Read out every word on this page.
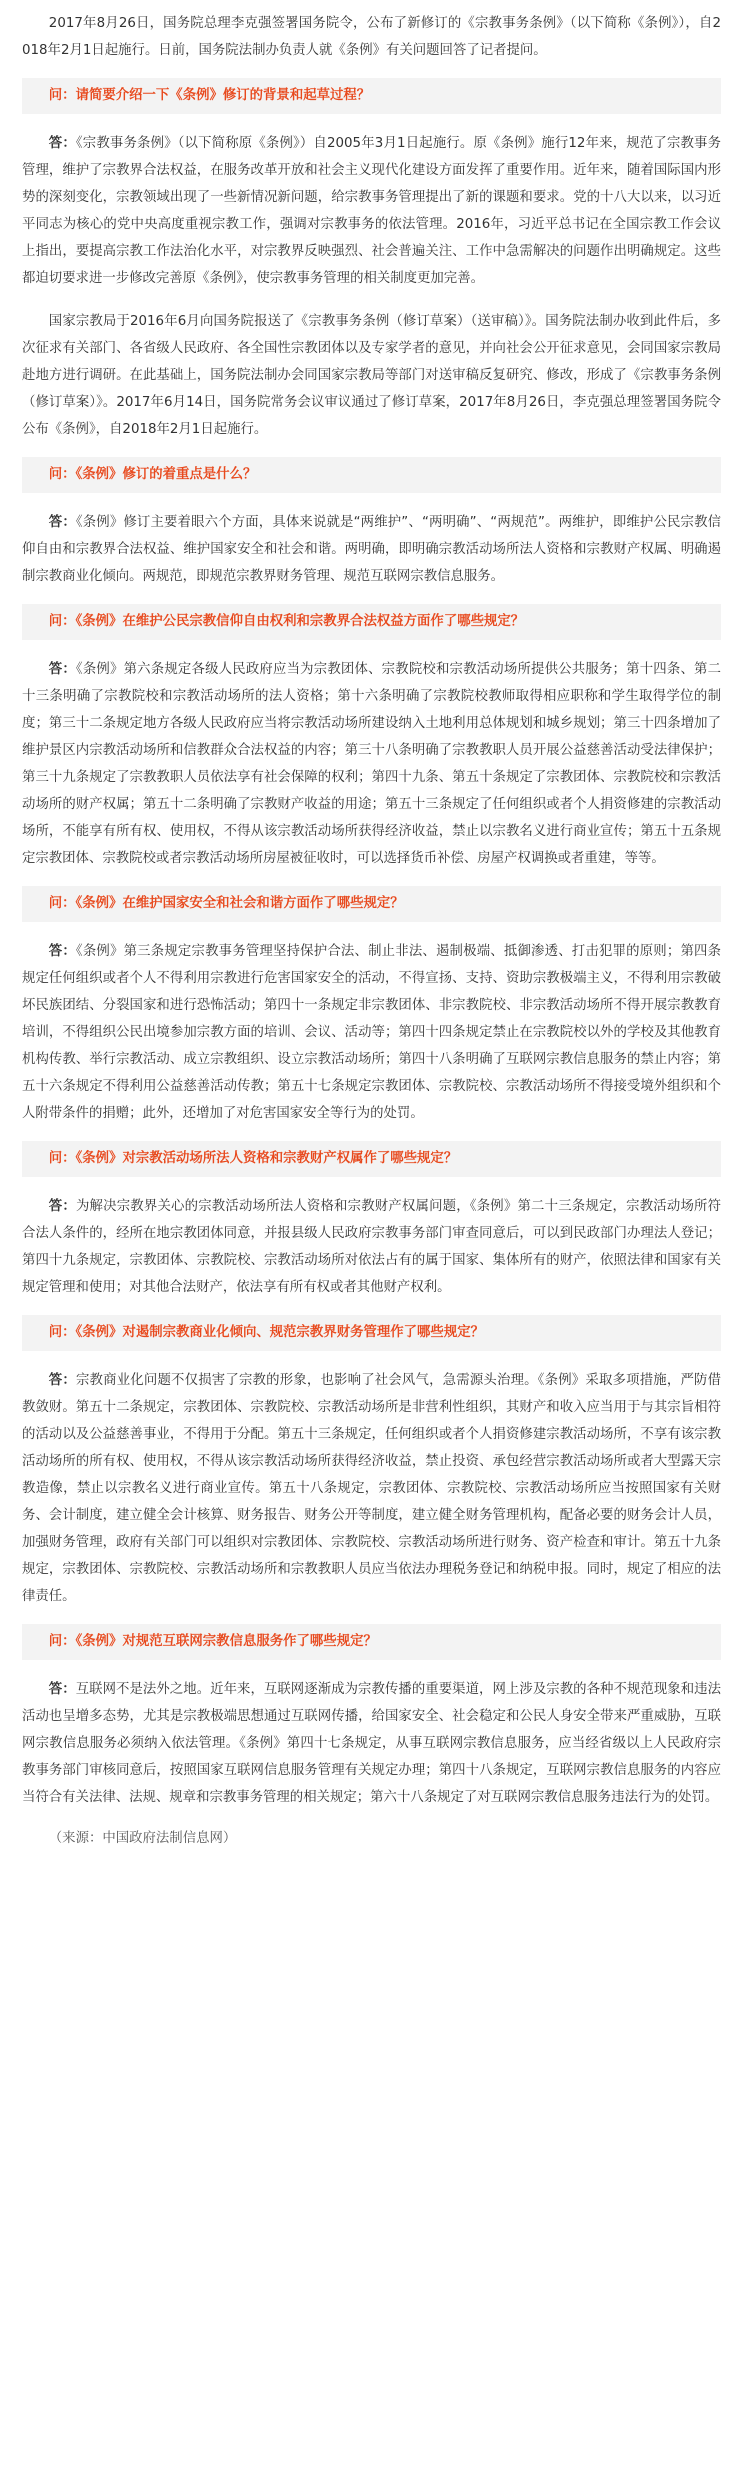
2017年8月26日，国务院总理李克强签署国务院令，公布了新修订的《宗教事务条例》（以下简称《条例》），自2018年2月1日起施行。日前，国务院法制办负责人就《条例》有关问题回答了记者提问。

问：请简要介绍一下《条例》修订的背景和起草过程？

答：《宗教事务条例》（以下简称原《条例》）自2005年3月1日起施行。原《条例》施行12年来，规范了宗教事务管理，维护了宗教界合法权益，在服务改革开放和社会主义现代化建设方面发挥了重要作用。近年来，随着国际国内形势的深刻变化，宗教领域出现了一些新情况新问题，给宗教事务管理提出了新的课题和要求。党的十八大以来，以习近平同志为核心的党中央高度重视宗教工作，强调对宗教事务的依法管理。2016年，习近平总书记在全国宗教工作会议上指出，要提高宗教工作法治化水平，对宗教界反映强烈、社会普遍关注、工作中急需解决的问题作出明确规定。这些都迫切要求进一步修改完善原《条例》，使宗教事务管理的相关制度更加完善。

国家宗教局于2016年6月向国务院报送了《宗教事务条例（修订草案）（送审稿）》。国务院法制办收到此件后，多次征求有关部门、各省级人民政府、各全国性宗教团体以及专家学者的意见，并向社会公开征求意见，会同国家宗教局赴地方进行调研。在此基础上，国务院法制办会同国家宗教局等部门对送审稿反复研究、修改，形成了《宗教事务条例（修订草案）》。2017年6月14日，国务院常务会议审议通过了修订草案，2017年8月26日，李克强总理签署国务院令公布《条例》，自2018年2月1日起施行。

问：《条例》修订的着重点是什么？

答：《条例》修订主要着眼六个方面，具体来说就是“两维护”、“两明确”、“两规范”。两维护，即维护公民宗教信仰自由和宗教界合法权益、维护国家安全和社会和谐。两明确，即明确宗教活动场所法人资格和宗教财产权属、明确遏制宗教商业化倾向。两规范，即规范宗教界财务管理、规范互联网宗教信息服务。

问：《条例》在维护公民宗教信仰自由权利和宗教界合法权益方面作了哪些规定？

答：《条例》第六条规定各级人民政府应当为宗教团体、宗教院校和宗教活动场所提供公共服务；第十四条、第二十三条明确了宗教院校和宗教活动场所的法人资格；第十六条明确了宗教院校教师取得相应职称和学生取得学位的制度；第三十二条规定地方各级人民政府应当将宗教活动场所建设纳入土地利用总体规划和城乡规划；第三十四条增加了维护景区内宗教活动场所和信教群众合法权益的内容；第三十八条明确了宗教教职人员开展公益慈善活动受法律保护；第三十九条规定了宗教教职人员依法享有社会保障的权利；第四十九条、第五十条规定了宗教团体、宗教院校和宗教活动场所的财产权属；第五十二条明确了宗教财产收益的用途；第五十三条规定了任何组织或者个人捐资修建的宗教活动场所，不能享有所有权、使用权，不得从该宗教活动场所获得经济收益，禁止以宗教名义进行商业宣传；第五十五条规定宗教团体、宗教院校或者宗教活动场所房屋被征收时，可以选择货币补偿、房屋产权调换或者重建，等等。

问：《条例》在维护国家安全和社会和谐方面作了哪些规定？

答：《条例》第三条规定宗教事务管理坚持保护合法、制止非法、遏制极端、抵御渗透、打击犯罪的原则；第四条规定任何组织或者个人不得利用宗教进行危害国家安全的活动，不得宣扬、支持、资助宗教极端主义，不得利用宗教破坏民族团结、分裂国家和进行恐怖活动；第四十一条规定非宗教团体、非宗教院校、非宗教活动场所不得开展宗教教育培训，不得组织公民出境参加宗教方面的培训、会议、活动等；第四十四条规定禁止在宗教院校以外的学校及其他教育机构传教、举行宗教活动、成立宗教组织、设立宗教活动场所；第四十八条明确了互联网宗教信息服务的禁止内容；第五十六条规定不得利用公益慈善活动传教；第五十七条规定宗教团体、宗教院校、宗教活动场所不得接受境外组织和个人附带条件的捐赠；此外，还增加了对危害国家安全等行为的处罚。

问：《条例》对宗教活动场所法人资格和宗教财产权属作了哪些规定？

答：为解决宗教界关心的宗教活动场所法人资格和宗教财产权属问题，《条例》第二十三条规定，宗教活动场所符合法人条件的，经所在地宗教团体同意，并报县级人民政府宗教事务部门审查同意后，可以到民政部门办理法人登记；第四十九条规定，宗教团体、宗教院校、宗教活动场所对依法占有的属于国家、集体所有的财产，依照法律和国家有关规定管理和使用；对其他合法财产，依法享有所有权或者其他财产权利。

问：《条例》对遏制宗教商业化倾向、规范宗教界财务管理作了哪些规定？

答：宗教商业化问题不仅损害了宗教的形象，也影响了社会风气，急需源头治理。《条例》采取多项措施，严防借教敛财。第五十二条规定，宗教团体、宗教院校、宗教活动场所是非营利性组织，其财产和收入应当用于与其宗旨相符的活动以及公益慈善事业，不得用于分配。第五十三条规定，任何组织或者个人捐资修建宗教活动场所，不享有该宗教活动场所的所有权、使用权，不得从该宗教活动场所获得经济收益，禁止投资、承包经营宗教活动场所或者大型露天宗教造像，禁止以宗教名义进行商业宣传。第五十八条规定，宗教团体、宗教院校、宗教活动场所应当按照国家有关财务、会计制度，建立健全会计核算、财务报告、财务公开等制度，建立健全财务管理机构，配备必要的财务会计人员，加强财务管理，政府有关部门可以组织对宗教团体、宗教院校、宗教活动场所进行财务、资产检查和审计。第五十九条规定，宗教团体、宗教院校、宗教活动场所和宗教教职人员应当依法办理税务登记和纳税申报。同时，规定了相应的法律责任。

问：《条例》对规范互联网宗教信息服务作了哪些规定？

答：互联网不是法外之地。近年来，互联网逐渐成为宗教传播的重要渠道，网上涉及宗教的各种不规范现象和违法活动也呈增多态势，尤其是宗教极端思想通过互联网传播，给国家安全、社会稳定和公民人身安全带来严重威胁，互联网宗教信息服务必须纳入依法管理。《条例》第四十七条规定，从事互联网宗教信息服务，应当经省级以上人民政府宗教事务部门审核同意后，按照国家互联网信息服务管理有关规定办理；第四十八条规定，互联网宗教信息服务的内容应当符合有关法律、法规、规章和宗教事务管理的相关规定；第六十八条规定了对互联网宗教信息服务违法行为的处罚。

（来源：中国政府法制信息网）
